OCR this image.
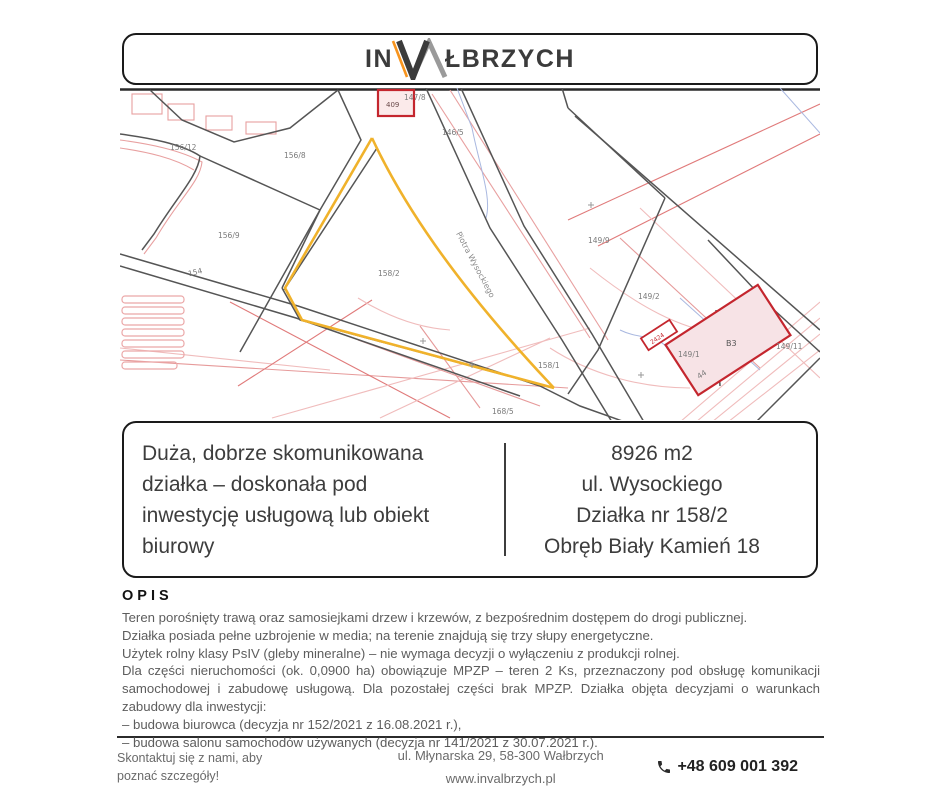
IN ŁBRZYCH
156/12
156/8
156/9
154	158/2
147/8
146/5
149/9
149/2
149/11
149/1
B3
44
2424
158/1
168/5
409
Piotra Wysockiego
Duża, dobrze skomunikowana
działka – doskonała pod
inwestycję usługową lub obiekt
biurowy
8926 m2
ul. Wysockiego
Działka nr 158/2
Obręb Biały Kamień 18
OPIS

Teren porośnięty trawą oraz samosiejkami drzew i krzewów, z bezpośrednim dostępem do drogi publicznej.

Działka posiada pełne uzbrojenie w media; na terenie znajdują się trzy słupy energetyczne.

Użytek rolny klasy PsIV (gleby mineralne) – nie wymaga decyzji o wyłączeniu z produkcji rolnej.

Dla części nieruchomości (ok. 0,0900 ha) obowiązuje MPZP – teren 2 Ks, przeznaczony pod obsługę komunikacji samochodowej i zabudowę usługową. Dla pozostałej części brak MPZP. Działka objęta decyzjami o warunkach zabudowy dla inwestycji:

– budowa biurowca (decyzja nr 152/2021 z 16.08.2021 r.),

– budowa salonu samochodów używanych (decyzja nr 141/2021 z 30.07.2021 r.).

Skontaktuj się z nami, aby
poznać szczegóły!
ul. Młynarska 29, 58-300 Wałbrzych
www.invalbrzych.pl
+48 609 001 392
